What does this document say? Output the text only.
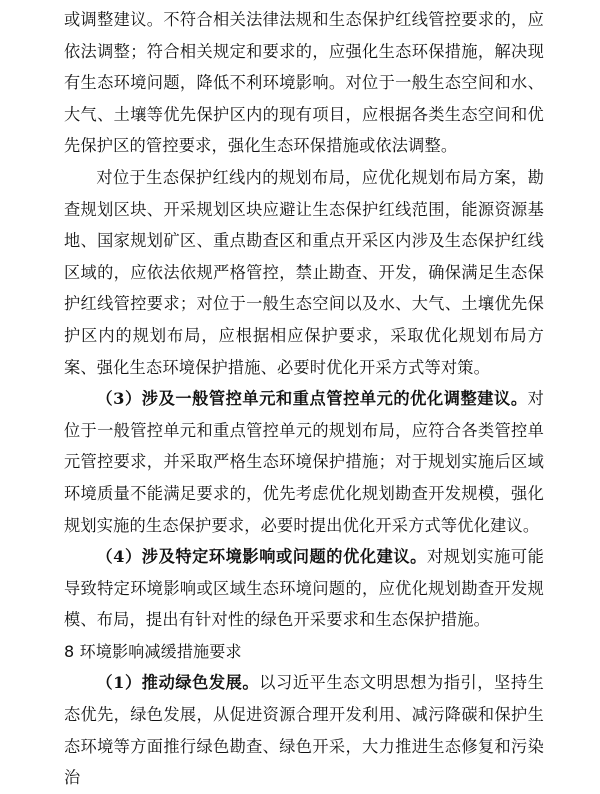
或调整建议。不符合相关法律法规和生态保护红线管控要求的，应依法调整；符合相关规定和要求的，应强化生态环保措施，解决现有生态环境问题，降低不利环境影响。对位于一般生态空间和水、大气、土壤等优先保护区内的现有项目，应根据各类生态空间和优先保护区的管控要求，强化生态环保措施或依法调整。

对位于生态保护红线内的规划布局，应优化规划布局方案，勘查规划区块、开采规划区块应避让生态保护红线范围，能源资源基地、国家规划矿区、重点勘查区和重点开采区内涉及生态保护红线区域的，应依法依规严格管控，禁止勘查、开发，确保满足生态保护红线管控要求；对位于一般生态空间以及水、大气、土壤优先保护区内的规划布局，应根据相应保护要求，采取优化规划布局方案、强化生态环境保护措施、必要时优化开采方式等对策。

（3）涉及一般管控单元和重点管控单元的优化调整建议。对位于一般管控单元和重点管控单元的规划布局，应符合各类管控单元管控要求，并采取严格生态环境保护措施；对于规划实施后区域环境质量不能满足要求的，优先考虑优化规划勘查开发规模，强化规划实施的生态保护要求，必要时提出优化开采方式等优化建议。

（4）涉及特定环境影响或问题的优化建议。对规划实施可能导致特定环境影响或区域生态环境问题的，应优化规划勘查开发规模、布局，提出有针对性的绿色开采要求和生态保护措施。

8 环境影响减缓措施要求

（1）推动绿色发展。以习近平生态文明思想为指引，坚持生态优先，绿色发展，从促进资源合理开发利用、减污降碳和保护生态环境等方面推行绿色勘查、绿色开采，大力推进生态修复和污染治
